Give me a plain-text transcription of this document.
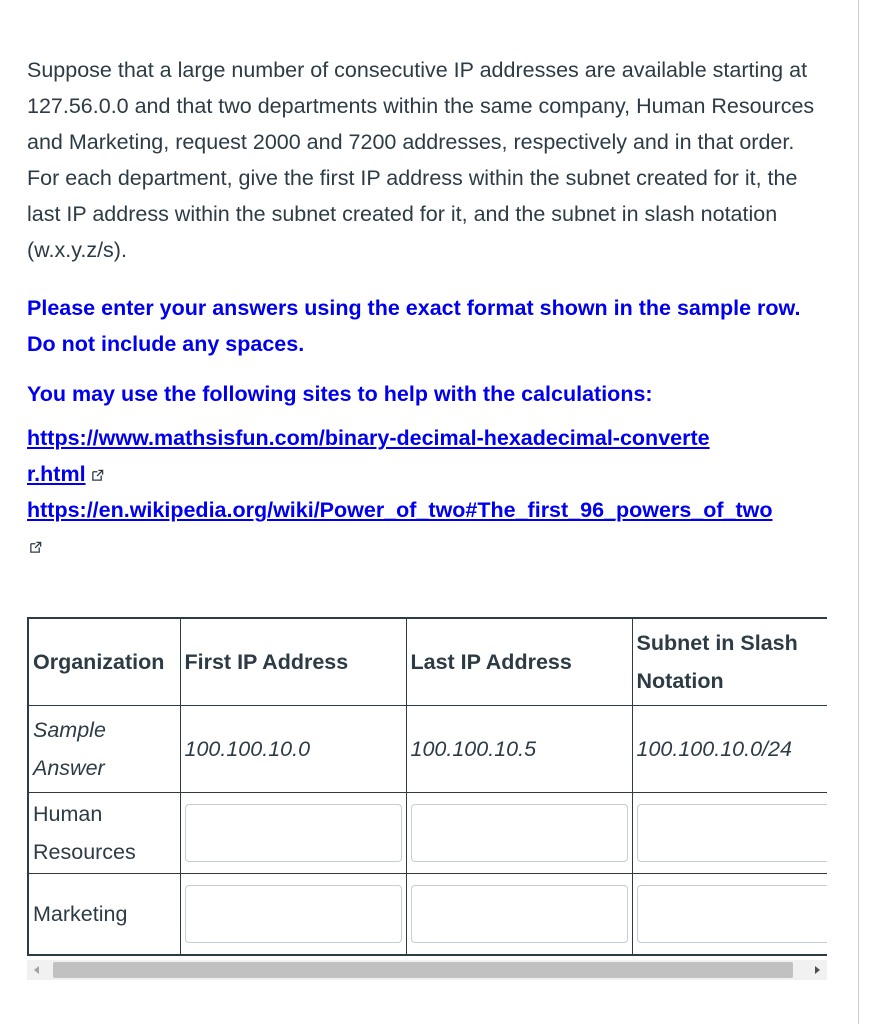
Suppose that a large number of consecutive IP addresses are available starting at 127.56.0.0 and that two departments within the same company, Human Resources and Marketing, request 2000 and 7200 addresses, respectively and in that order. For each department, give the first IP address within the subnet created for it, the last IP address within the subnet created for it, and the subnet in slash notation (w.x.y.z/s).

Please enter your answers using the exact format shown in the sample row. Do not include any spaces.

You may use the following sites to help with the calculations:

https://www.mathsisfun.com/binary-decimal-hexadecimal-converter.html
https://en.wikipedia.org/wiki/Power_of_two#The_first_96_powers_of_two
Organization	First IP Address	Last IP Address	Subnet in Slash Notation
Sample Answer	100.100.10.0	100.100.10.5	100.100.10.0/24
Human Resources	

Marketing	
